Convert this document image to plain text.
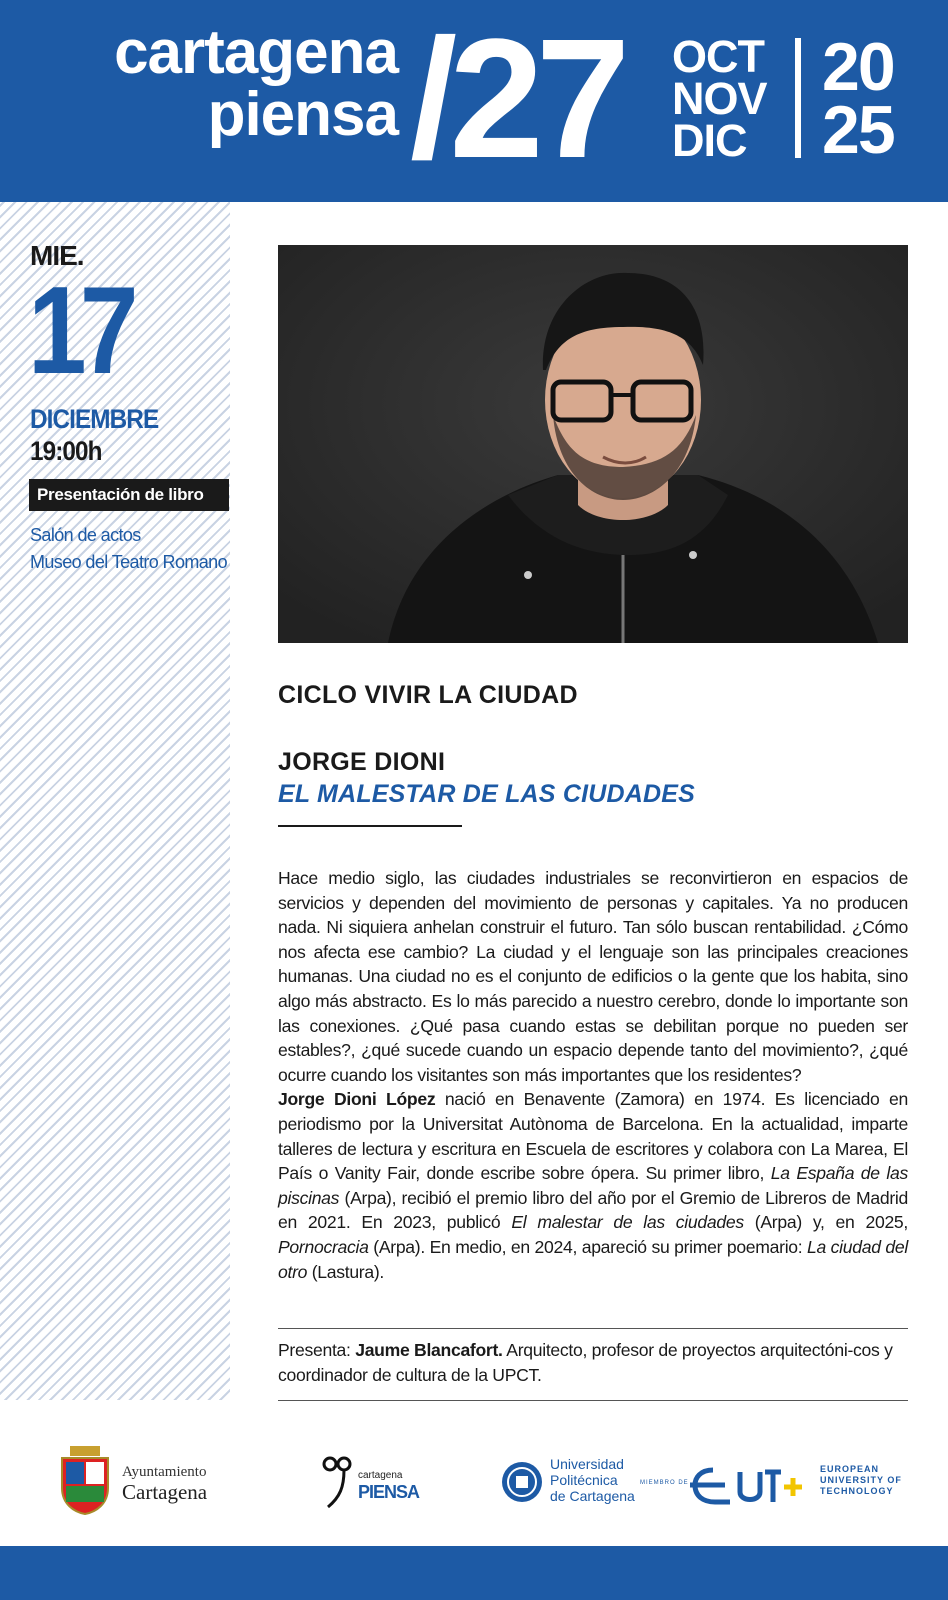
cartagena
piensa /27 OCT
NOV
DIC
20
25
MIE.
17
DICIEMBRE
19:00h
Presentación de libro
Salón de actos
Museo del Teatro Romano
CICLO VIVIR LA CIUDAD
JORGE DIONI
EL MALESTAR DE LAS CIUDADES

Hace medio siglo, las ciudades industriales se reconvirtieron en espacios de servicios y dependen del movimiento de personas y capitales. Ya no producen nada. Ni siquiera anhelan construir el futuro. Tan sólo buscan rentabilidad. ¿Cómo nos afecta ese cambio? La ciudad y el lenguaje son las principales creaciones humanas. Una ciudad no es el conjunto de edificios o la gente que los habita, sino algo más abstracto. Es lo más parecido a nuestro cerebro, donde lo importante son las conexiones. ¿Qué pasa cuando estas se debilitan porque no pueden ser estables?, ¿qué sucede cuando un espacio depende tanto del movimiento?, ¿qué ocurre cuando los visitantes son más importantes que los residentes?

Jorge Dioni López nació en Benavente (Zamora) en 1974. Es licenciado en periodismo por la Universitat Autònoma de Barcelona. En la actualidad, imparte talleres de lectura y escritura en Escuela de escritores y colabora con La Marea, El País o Vanity Fair, donde escribe sobre ópera. Su primer libro, La España de las piscinas (Arpa), recibió el premio libro del año por el Gremio de Libreros de Madrid en 2021. En 2023, publicó El malestar de las ciudades (Arpa) y, en 2025, Pornocracia (Arpa). En medio, en 2024, apareció su primer poemario: La ciudad del otro (Lastura).

Presenta: Jaume Blancafort. Arquitecto, profesor de proyectos arquitectóni-cos y coordinador de cultura de la UPCT.
Ayuntamiento
Cartagena
cartagena
PIENSA
Universidad
Politécnica
de Cartagena
MIEMBRO DE
EUROPEAN
UNIVERSITY OF
TECHNOLOGY
